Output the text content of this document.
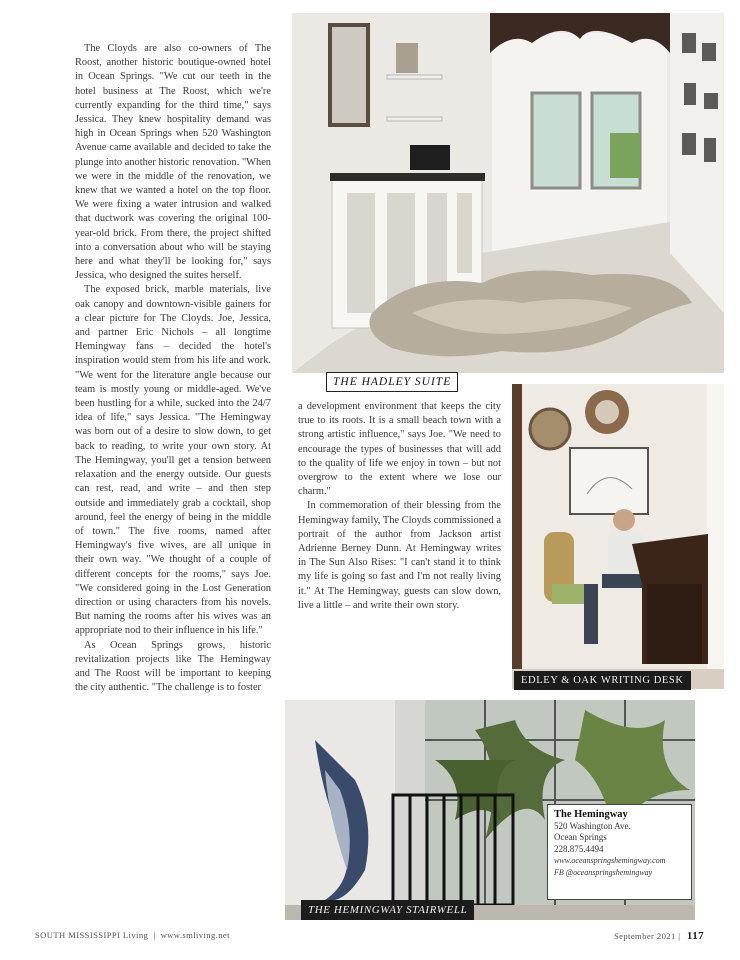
The Cloyds are also co-owners of The Roost, another historic boutique-owned hotel in Ocean Springs. "We cut our teeth in the hotel business at The Roost, which we're currently expanding for the third time," says Jessica. They knew hospitality demand was high in Ocean Springs when 520 Washington Avenue came available and decided to take the plunge into another historic renovation. "When we were in the middle of the renovation, we knew that we wanted a hotel on the top floor. We were fixing a water intrusion and walked that ductwork was covering the original 100-year-old brick. From there, the project shifted into a conversation about who will be staying here and what they'll be looking for," says Jessica, who designed the suites herself.

The exposed brick, marble materials, live oak canopy and downtown-visible gainers for a clear picture for The Cloyds. Joe, Jessica, and partner Eric Nichols – all longtime Hemingway fans – decided the hotel's inspiration would stem from his life and work. "We went for the literature angle because our team is mostly young or middle-aged. We've been hustling for a while, sucked into the 24/7 idea of life," says Jessica. "The Hemingway was born out of a desire to slow down, to get back to reading, to write your own story. At The Hemingway, you'll get a tension between relaxation and the energy outside. Our guests can rest, read, and write – and then step outside and immediately grab a cocktail, shop around, feel the energy of being in the middle of town." The five rooms, named after Hemingway's five wives, are all unique in their own way. "We thought of a couple of different concepts for the rooms," says Joe. "We considered going in the Lost Generation direction or using characters from his novels. But naming the rooms after his wives was an appropriate nod to their influence in his life."

As Ocean Springs grows, historic revitalization projects like The Hemingway and The Roost will be important to keeping the city authentic. "The challenge is to foster

a development environment that keeps the city true to its roots. It is a small beach town with a strong artistic influence," says Joe. "We need to encourage the types of businesses that will add to the quality of life we enjoy in town – but not overgrow to the extent where we lose our charm."

In commemoration of their blessing from the Hemingway family, The Cloyds commissioned a portrait of the author from Jackson artist Adrienne Berney Dunn. At Hemingway writes in The Sun Also Rises: "I can't stand it to think my life is going so fast and I'm not really living it." At The Hemingway, guests can slow down, live a little – and write their own story.

THE HADLEY SUITE
EDLEY & OAK WRITING DESK
THE HEMINGWAY STAIRWELL
The Hemingway
520 Washington Ave.
Ocean Springs
228.875.4494
www.oceanspringshemingway.com
FB @oceanspringshemingway
SOUTH MISSISSIPPI Living | www.smliving.net	September 2021 | 117
